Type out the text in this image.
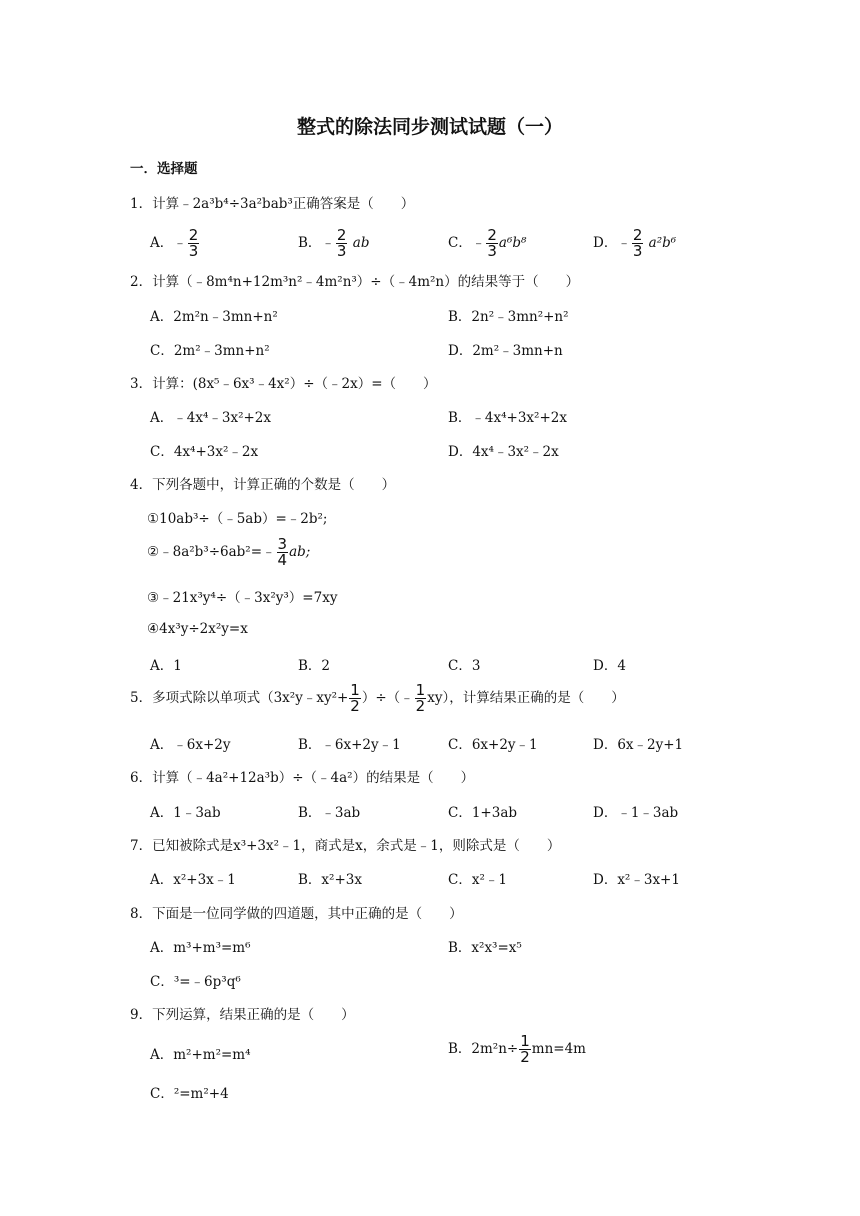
整式的除法同步测试试题（一）
一．选择题
1．计算﹣2a³b⁴÷3a²bab³正确答案是（　　）
A．﹣ $\frac{2}{3}$	B．﹣ $\frac{2}{3}$ ab	C．﹣ $\frac{2}{3} a^6b^8$	D．﹣ $\frac{2}{3} a^2b^6$
2．计算（﹣8m⁴n+12m³n²﹣4m²n³）÷（﹣4m²n）的结果等于（　　）
A．2m²n﹣3mn+n²	B．2n²﹣3mn²+n²
C．2m²﹣3mn+n²	D．2m²﹣3mn+n
3．计算：(8x⁵﹣6x³﹣4x²）÷（﹣2x）=（　　）
A．﹣4x⁴﹣3x²+2x	B．﹣4x⁴+3x²+2x
C．4x⁴+3x²﹣2x	D．4x⁴﹣3x²﹣2x
4．下列各题中，计算正确的个数是（　　）
①10ab³÷（﹣5ab）=﹣2b²;
②﹣8a²b³÷6ab²=﹣ $\frac{3}{4}$ ab;
③﹣21x³y⁴÷（﹣3x²y³）=7xy
④4x³y÷2x²y=x
A．1	B．2	C．3	D．4
5．多项式除以单项式（3x²y﹣xy²+ $\frac{1}{2}$ ）÷（﹣ $\frac{1}{2} xy$），计算结果正确的是（　　）
A．﹣6x+2y	B．﹣6x+2y﹣1	C．6x+2y﹣1	D．6x﹣2y+1
6．计算（﹣4a²+12a³b）÷（﹣4a²）的结果是（　　）
A．1﹣3ab	B．﹣3ab	C．1+3ab	D．﹣1﹣3ab
7．已知被除式是x³+3x²﹣1，商式是x，余式是﹣1，则除式是（　　）
A．x²+3x﹣1	B．x²+3x	C．x²﹣1	D．x²﹣3x+1
8．下面是一位同学做的四道题，其中正确的是（　　）
A．m³+m³=m⁶	B．x²x³=x⁵
C．³=﹣6p³q⁶
9．下列运算，结果正确的是（　　）
A．m²+m²=m⁴	B．$2m^2n\div \frac{1}{2} mn=4m$
C．²=m²+4
